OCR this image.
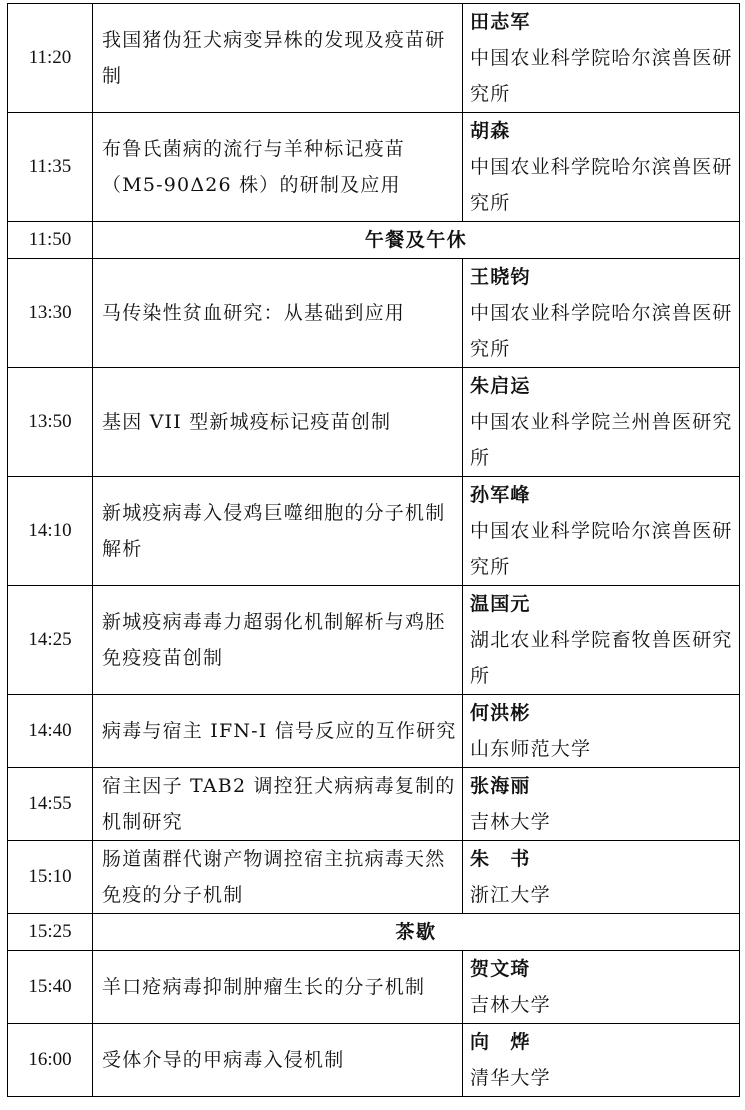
11:20	我国猪伪狂犬病变异株的发现及疫苗研制	田志军
中国农业科学院哈尔滨兽医研究所

11:35	布鲁氏菌病的流行与羊种标记疫苗（M5-90Δ26 株）的研制及应用	胡森
中国农业科学院哈尔滨兽医研究所

11:50	午餐及午休	
13:30	马传染性贫血研究：从基础到应用	王晓钧
中国农业科学院哈尔滨兽医研究所

13:50	基因 VII 型新城疫标记疫苗创制	朱启运
中国农业科学院兰州兽医研究所

14:10	新城疫病毒入侵鸡巨噬细胞的分子机制解析	孙军峰
中国农业科学院哈尔滨兽医研究所

14:25	新城疫病毒毒力超弱化机制解析与鸡胚免疫疫苗创制	温国元
湖北农业科学院畜牧兽医研究所

14:40	病毒与宿主 IFN-I 信号反应的互作研究	何洪彬
山东师范大学

14:55	宿主因子 TAB2 调控狂犬病病毒复制的机制研究	张海丽
吉林大学

15:10	肠道菌群代谢产物调控宿主抗病毒天然免疫的分子机制	朱　书
浙江大学

15:25	茶歇	
15:40	羊口疮病毒抑制肿瘤生长的分子机制	贺文琦
吉林大学

16:00	受体介导的甲病毒入侵机制	向　烨
清华大学
